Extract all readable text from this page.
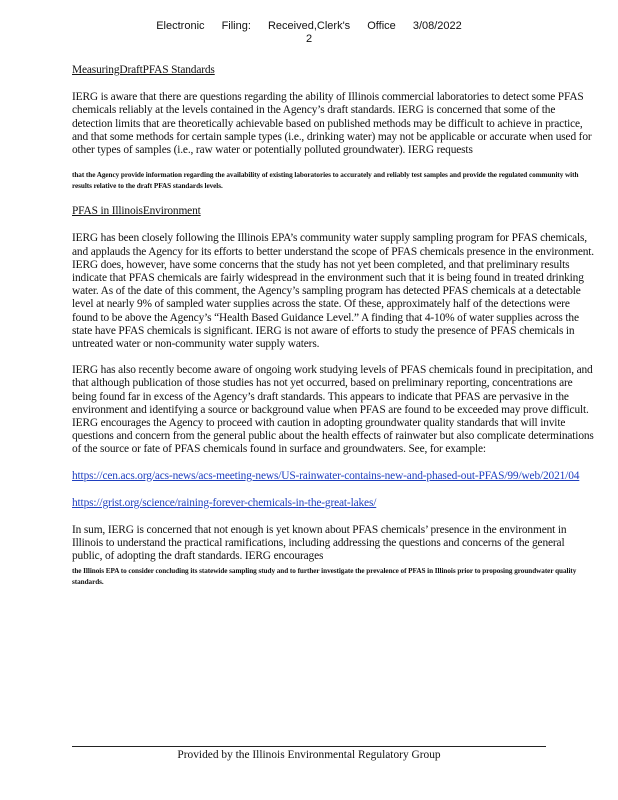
Electronic Filing: Received,Clerk's Office 3/08/2022
2
MeasuringDraftPFAS Standards

IERG is aware that there are questions regarding the ability of Illinois commercial laboratories to detect some PFAS chemicals reliably at the levels contained in the Agency’s draft standards. IERG is concerned that some of the detection limits that are theoretically achievable based on published methods may be difficult to achieve in practice, and that some methods for certain sample types (i.e., drinking water) may not be applicable or accurate when used for other types of samples (i.e., raw water or potentially polluted groundwater). IERG requests

that the Agency provide information regarding the availability of existing laboratories to accurately and reliably test samples and provide the regulated community with results relative to the draft PFAS standards levels.
PFAS in IllinoisEnvironment

IERG has been closely following the Illinois EPA’s community water supply sampling program for PFAS chemicals, and applauds the Agency for its efforts to better understand the scope of PFAS chemicals presence in the environment. IERG does, however, have some concerns that the study has not yet been completed, and that preliminary results indicate that PFAS chemicals are fairly widespread in the environment such that it is being found in treated drinking water. As of the date of this comment, the Agency’s sampling program has detected PFAS chemicals at a detectable level at nearly 9% of sampled water supplies across the state. Of these, approximately half of the detections were found to be above the Agency’s “Health Based Guidance Level.” A finding that 4-10% of water supplies across the state have PFAS chemicals is significant. IERG is not aware of efforts to study the presence of PFAS chemicals in untreated water or non-community water supply waters.

IERG has also recently become aware of ongoing work studying levels of PFAS chemicals found in precipitation, and that although publication of those studies has not yet occurred, based on preliminary reporting, concentrations are being found far in excess of the Agency’s draft standards. This appears to indicate that PFAS are pervasive in the environment and identifying a source or background value when PFAS are found to be exceeded may prove difficult. IERG encourages the Agency to proceed with caution in adopting groundwater quality standards that will invite questions and concern from the general public about the health effects of rainwater but also complicate determinations of the source or fate of PFAS chemicals found in surface and groundwaters. See, for example:

https://cen.acs.org/acs-news/acs-meeting-news/US-rainwater-contains-new-and-phased-out-PFAS/99/web/2021/04
https://grist.org/science/raining-forever-chemicals-in-the-great-lakes/

In sum, IERG is concerned that not enough is yet known about PFAS chemicals’ presence in the environment in Illinois to understand the practical ramifications, including addressing the questions and concerns of the general public, of adopting the draft standards. IERG encourages

the Illinois EPA to consider concluding its statewide sampling study and to further investigate the prevalence of PFAS in Illinois prior to proposing groundwater quality standards.
Provided by the Illinois Environmental Regulatory Group
